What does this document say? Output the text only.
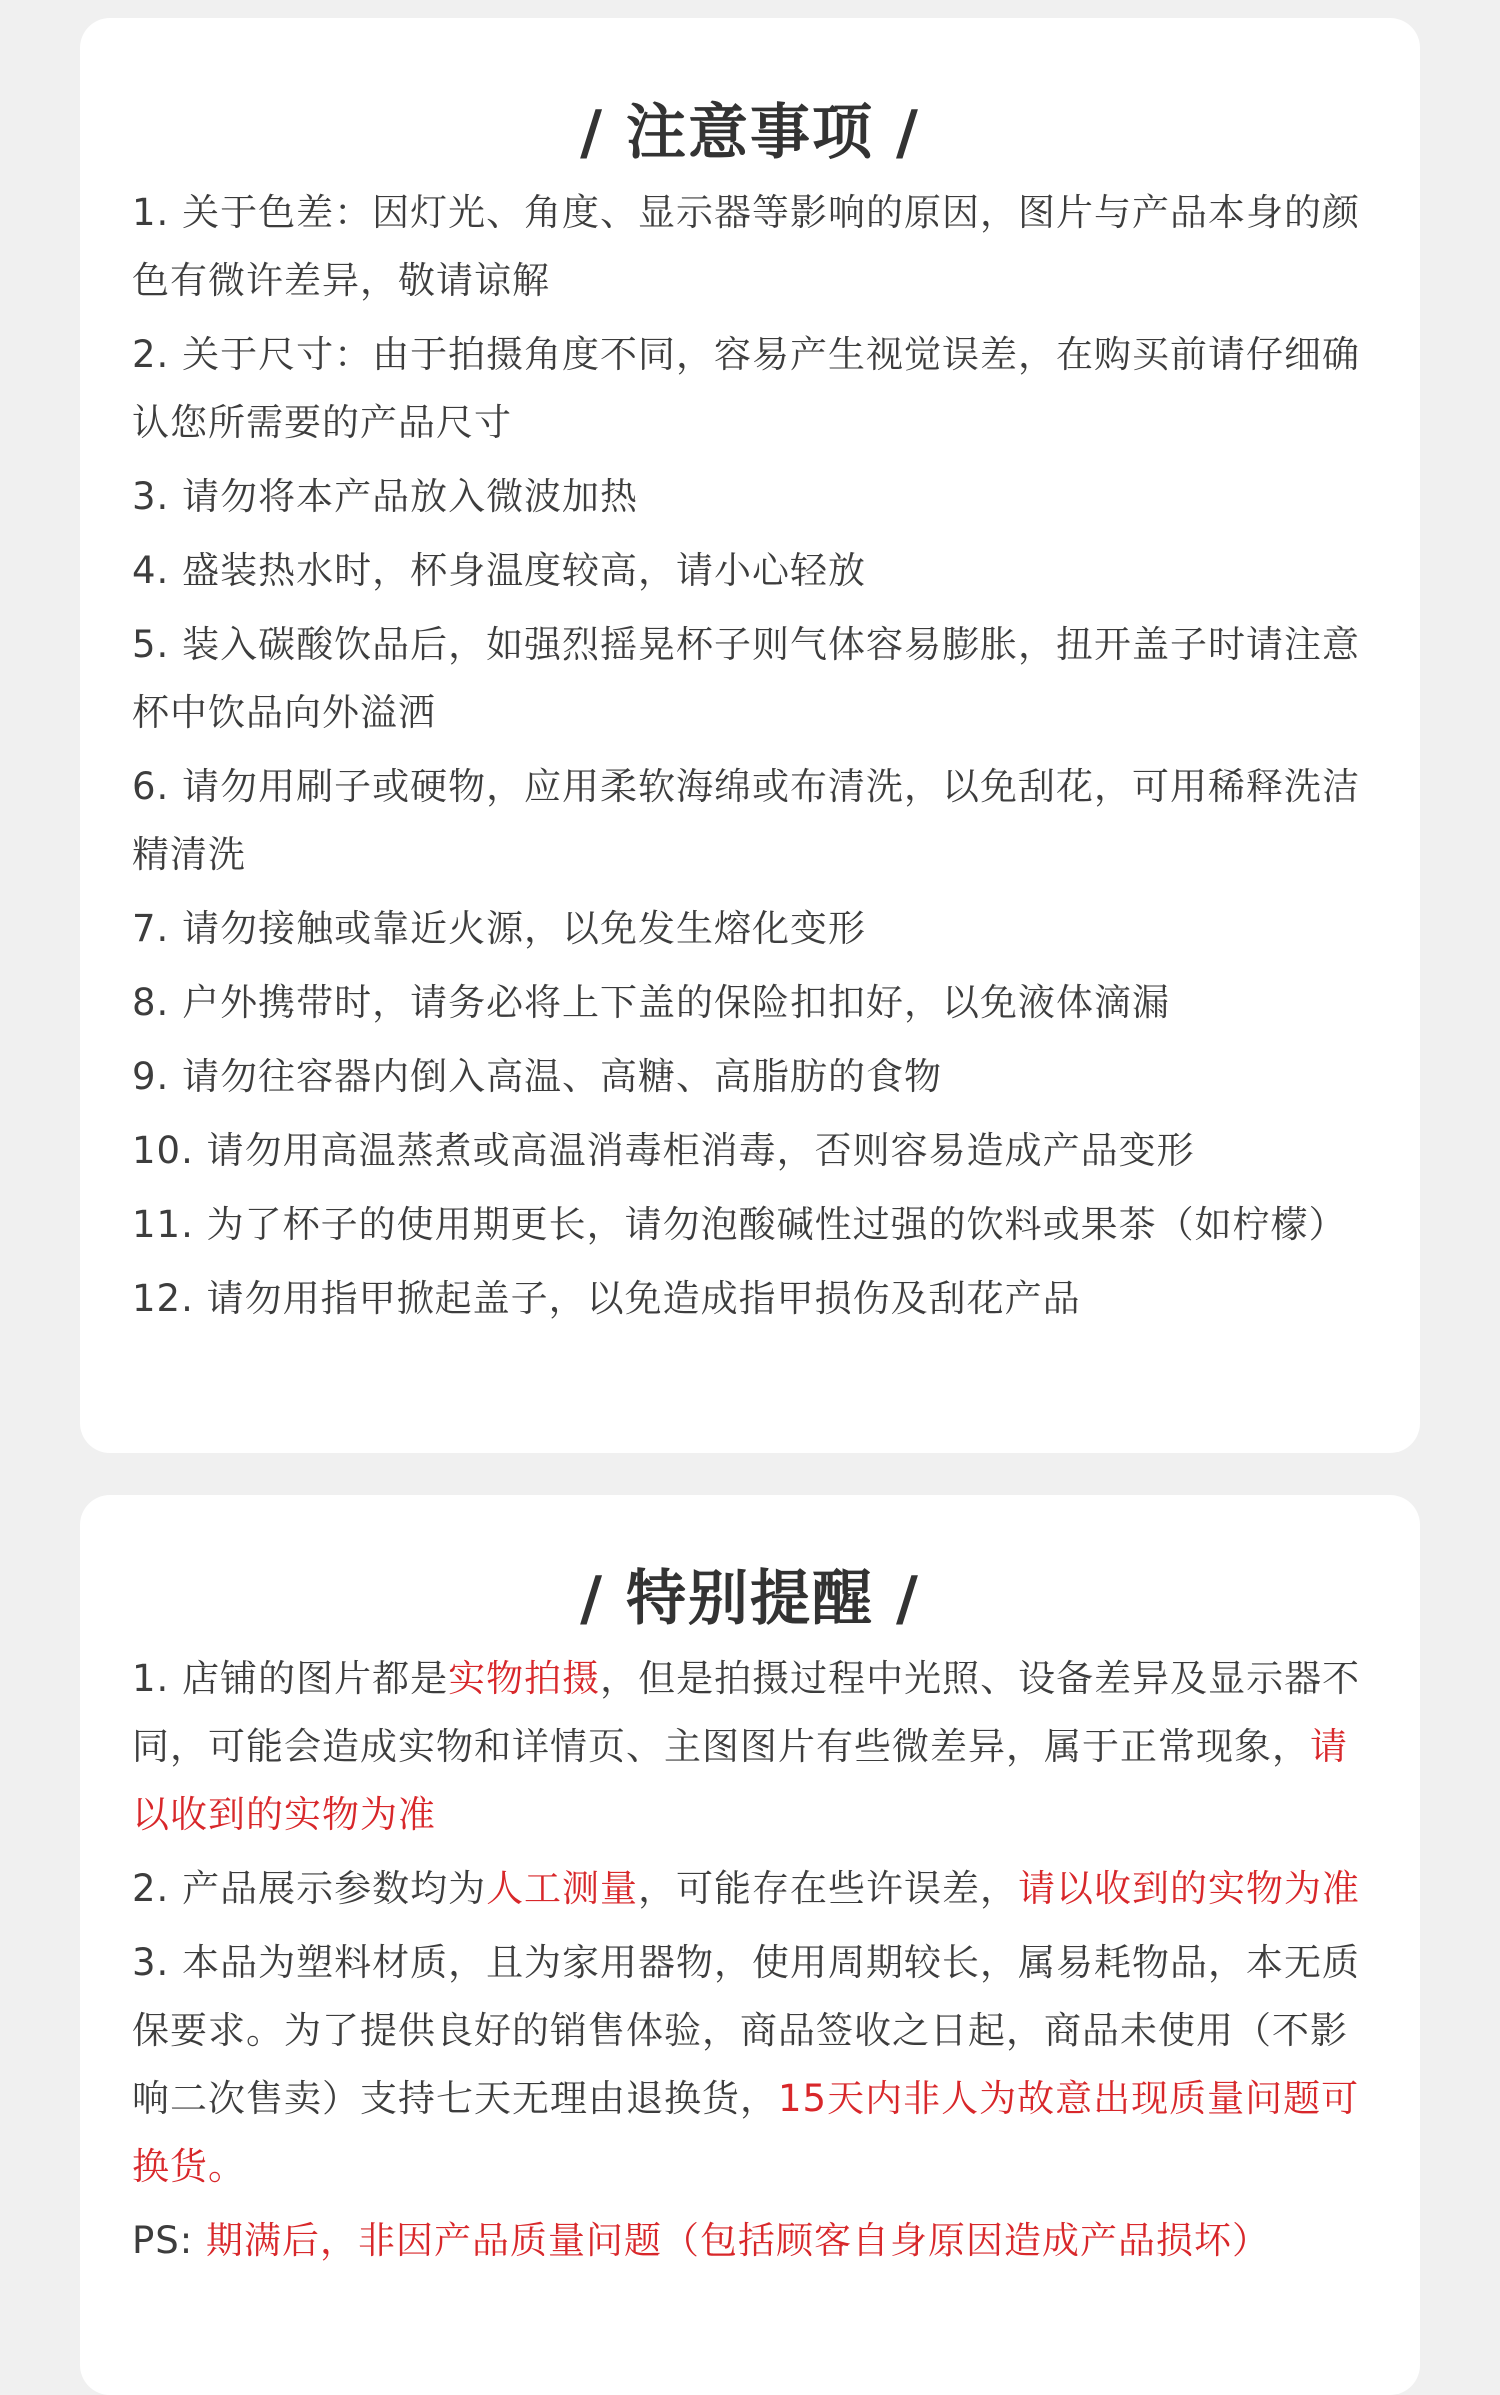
/ 注意事项 /

1. 关于色差：因灯光、角度、显示器等影响的原因，图片与产品本身的颜色有微许差异，敬请谅解

2. 关于尺寸：由于拍摄角度不同，容易产生视觉误差，在购买前请仔细确认您所需要的产品尺寸

3. 请勿将本产品放入微波加热

4. 盛装热水时，杯身温度较高，请小心轻放

5. 装入碳酸饮品后，如强烈摇晃杯子则气体容易膨胀，扭开盖子时请注意杯中饮品向外溢洒

6. 请勿用刷子或硬物，应用柔软海绵或布清洗，以免刮花，可用稀释洗洁精清洗

7. 请勿接触或靠近火源，以免发生熔化变形

8. 户外携带时，请务必将上下盖的保险扣扣好，以免液体滴漏

9. 请勿往容器内倒入高温、高糖、高脂肪的食物

10. 请勿用高温蒸煮或高温消毒柜消毒，否则容易造成产品变形

11. 为了杯子的使用期更长，请勿泡酸碱性过强的饮料或果茶（如柠檬）

12. 请勿用指甲掀起盖子，以免造成指甲损伤及刮花产品

/ 特别提醒 /

1. 店铺的图片都是实物拍摄，但是拍摄过程中光照、设备差异及显示器不同，可能会造成实物和详情页、主图图片有些微差异，属于正常现象，请以收到的实物为准

2. 产品展示参数均为人工测量，可能存在些许误差，请以收到的实物为准

3. 本品为塑料材质，且为家用器物，使用周期较长，属易耗物品，本无质保要求。为了提供良好的销售体验，商品签收之日起，商品未使用（不影响二次售卖）支持七天无理由退换货，15天内非人为故意出现质量问题可换货。

PS: 期满后，非因产品质量问题（包括顾客自身原因造成产品损坏）
